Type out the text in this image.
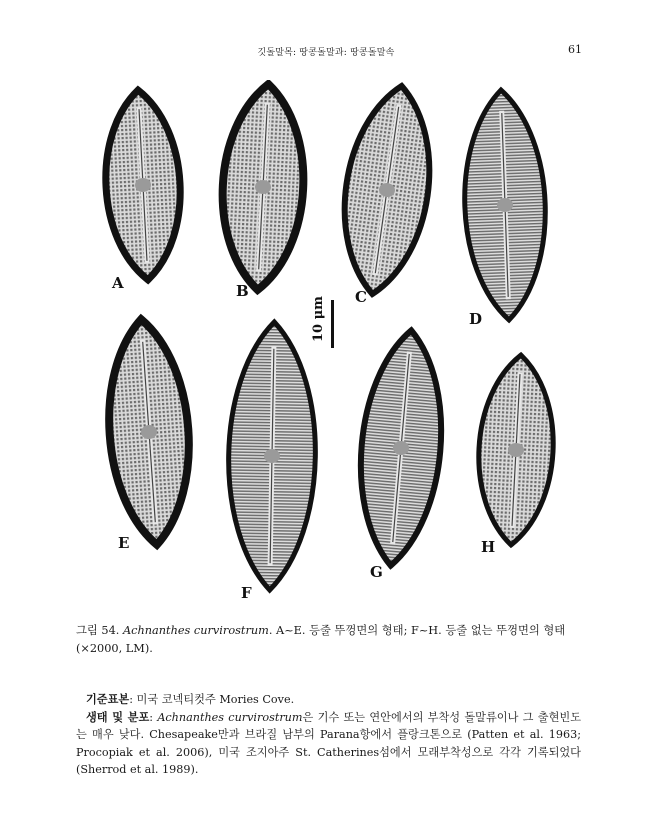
깃돌말목: 땅콩돌말과: 땅콩돌말속	61
10 μm
A	B	C
D
E
F
G
H
그림 54. Achnanthes curvirostrum. A~E. 등줄 뚜껑면의 형태; F~H. 등줄 없는 뚜껑면의 형태 (×2000, LM).

기준표본: 미국 코넥티컷주 Mories Cove.

생태 및 분포: Achnanthes curvirostrum은 기수 또는 연안에서의 부착성 돌말류이나 그 출현빈도는 매우 낮다. Chesapeake만과 브라질 남부의 Parana항에서 플랑크톤으로 (Patten et al. 1963; Procopiak et al. 2006), 미국 조지아주 St. Catherines섬에서 모래부착성으로 각각 기록되었다 (Sherrod et al. 1989).
